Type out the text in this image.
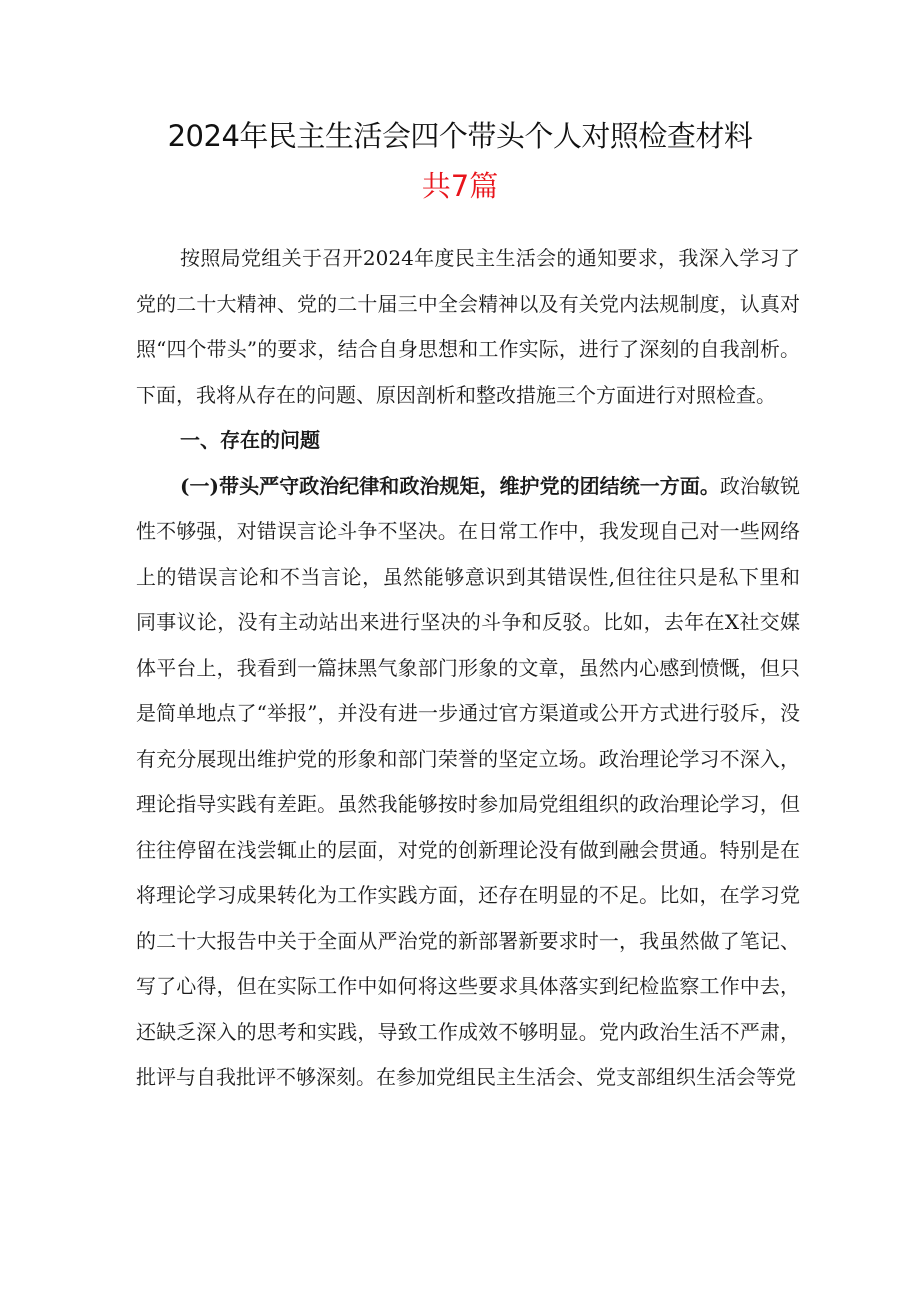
2024年民主生活会四个带头个人对照检查材料
共7篇

按照局党组关于召开2024年度民主生活会的通知要求，我深入学习了党的二十大精神、党的二十届三中全会精神以及有关党内法规制度，认真对照“四个带头”的要求，结合自身思想和工作实际，进行了深刻的自我剖析。下面，我将从存在的问题、原因剖析和整改措施三个方面进行对照检查。

一、存在的问题

(一)带头严守政治纪律和政治规矩，维护党的团结统一方面。政治敏锐性不够强，对错误言论斗争不坚决。在日常工作中，我发现自己对一些网络上的错误言论和不当言论，虽然能够意识到其错误性,但往往只是私下里和同事议论，没有主动站出来进行坚决的斗争和反驳。比如，去年在X社交媒体平台上，我看到一篇抹黑气象部门形象的文章，虽然内心感到愤慨，但只是简单地点了“举报”，并没有进一步通过官方渠道或公开方式进行驳斥，没有充分展现出维护党的形象和部门荣誉的坚定立场。政治理论学习不深入，理论指导实践有差距。虽然我能够按时参加局党组组织的政治理论学习，但往往停留在浅尝辄止的层面，对党的创新理论没有做到融会贯通。特别是在将理论学习成果转化为工作实践方面，还存在明显的不足。比如，在学习党的二十大报告中关于全面从严治党的新部署新要求时一，我虽然做了笔记、写了心得，但在实际工作中如何将这些要求具体落实到纪检监察工作中去，还缺乏深入的思考和实践，导致工作成效不够明显。党内政治生活不严肃，批评与自我批评不够深刻。在参加党组民主生活会、党支部组织生活会等党
